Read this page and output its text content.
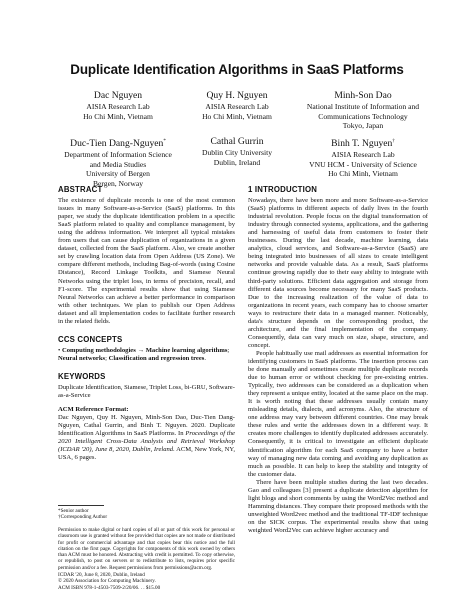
Duplicate Identification Algorithms in SaaS Platforms
Dac Nguyen
AISIA Research Lab
Ho Chi Minh, Vietnam
Quy H. Nguyen
AISIA Research Lab
Ho Chi Minh, Vietnam
Minh-Son Dao
National Institute of Information and
Communications Technology
Tokyo, Japan
Duc-Tien Dang-Nguyen*
Department of Information Science
and Media Studies
University of Bergen
Bergen, Norway
Cathal Gurrin
Dublin City University
Dublin, Ireland
Binh T. Nguyen†
AISIA Research Lab
VNU HCM - University of Science
Ho Chi Minh, Vietnam

ABSTRACT

The existence of duplicate records is one of the most common issues in many Software-as-a-Service (SaaS) platforms. In this paper, we study the duplicate identification problem in a specific SaaS platform related to quality and compliance management, by using the address information. We interpret all typical mistakes from users that can cause duplication of organizations in a given dataset, collected from the SaaS platform. Also, we create another set by crawling location data from Open Address (US Zone). We compare different methods, including Bag-of-words (using Cosine Distance), Record Linkage Toolkits, and Siamese Neural Networks using the triplet loss, in terms of precision, recall, and F1-score. The experimental results show that using Siamese Neural Networks can achieve a better performance in comparison with other techniques. We plan to publish our Open Address dataset and all implementation codes to facilitate further research in the related fields.

CCS CONCEPTS

• Computing methodologies → Machine learning algorithms; Neural networks; Classification and regression trees.

KEYWORDS

Duplicate Identification, Siamese, Triplet Loss, bi-GRU, Software-as-a-Service

ACM Reference Format:

Dac Nguyen, Quy H. Nguyen, Minh-Son Dao, Duc-Tien Dang-Nguyen, Cathal Gurrin, and Binh T. Nguyen. 2020. Duplicate Identification Algorithms in SaaS Platforms. In Proceedings of the 2020 Intelligent Cross-Data Analysis and Retrieval Workshop (ICDAR '20), June 8, 2020, Dublin, Ireland. ACM, New York, NY, USA, 6 pages.

*Senior author
†Corresponding Author

Permission to make digital or hard copies of all or part of this work for personal or classroom use is granted without fee provided that copies are not made or distributed for profit or commercial advantage and that copies bear this notice and the full citation on the first page. Copyrights for components of this work owned by others than ACM must be honored. Abstracting with credit is permitted. To copy otherwise, or republish, to post on servers or to redistribute to lists, requires prior specific permission and/or a fee. Request permissions from permissions@acm.org.

ICDAR '20, June 8, 2020, Dublin, Ireland

© 2020 Association for Computing Machinery.

ACM ISBN 978-1-4503-7509-2/20/06. . . $15.00

1 INTRODUCTION

Nowadays, there have been more and more Software-as-a-Service (SaaS) platforms in different aspects of daily lives in the fourth industrial revolution. People focus on the digital transformation of industry through connected systems, applications, and the gathering and harnessing of useful data from customers to foster their businesses. During the last decade, machine learning, data analytics, cloud services, and Software-as-a-Service (SaaS) are being integrated into businesses of all sizes to create intelligent networks and provide valuable data. As a result, SaaS platforms continue growing rapidly due to their easy ability to integrate with third-party solutions. Efficient data aggregation and storage from different data sources become necessary for many SaaS products. Due to the increasing realization of the value of data to organizations in recent years, each company has to choose smarter ways to restructure their data in a managed manner. Noticeably, data's structure depends on the corresponding product, the architecture, and the final implementation of the company. Consequently, data can vary much on size, shape, structure, and concept.

People habitually use mail addresses as essential information for identifying customers in SaaS platforms. The insertion process can be done manually and sometimes create multiple duplicate records due to human error or without checking for pre-existing entries. Typically, two addresses can be considered as a duplication when they represent a unique entity, located at the same place on the map. It is worth noting that these addresses usually contain many misleading details, dialects, and acronyms. Also, the structure of one address may vary between different countries. One may break these rules and write the addresses down in a different way. It creates more challenges to identify duplicated addresses accurately. Consequently, it is critical to investigate an efficient duplicate identification algorithm for each SaaS company to have a better way of managing new data coming and avoiding any duplication as much as possible. It can help to keep the stability and integrity of the customer data.

There have been multiple studies during the last two decades. Gao and colleagues [3] present a duplicate detection algorithm for light blogs and short comments by using the Word2Vec method and Hamming distances. They compare their proposed methods with the unweighted Word2vec method and the traditional TF-IDF technique on the SICK corpus. The experimental results show that using weighted Word2Vec can achieve higher accuracy and
